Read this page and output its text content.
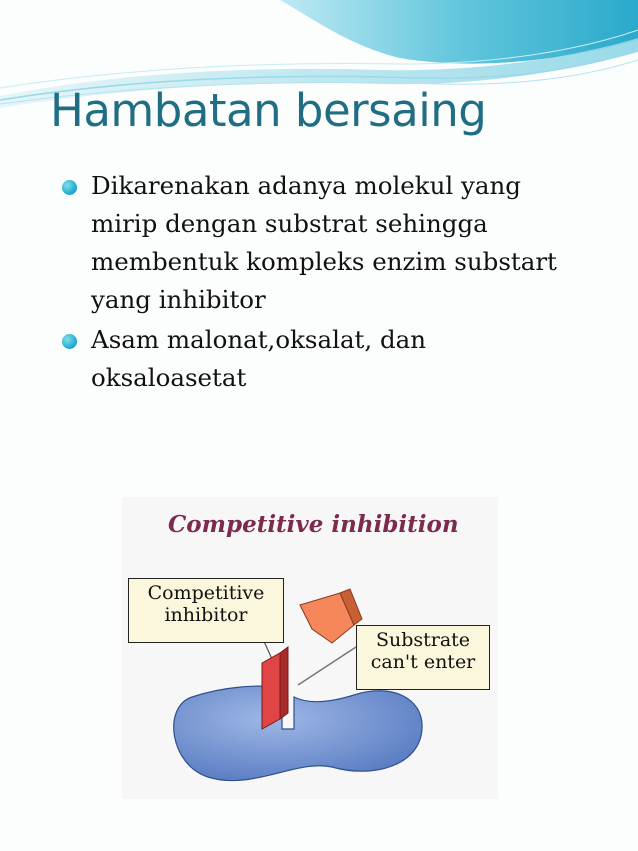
Hambatan bersaing
Dikarenakan adanya molekul yang mirip dengan substrat sehingga membentuk kompleks enzim substart yang inhibitor
Asam malonat,oksalat, dan oksaloasetat
Competitive inhibition
Competitive
inhibitor
Substrate
can't enter
